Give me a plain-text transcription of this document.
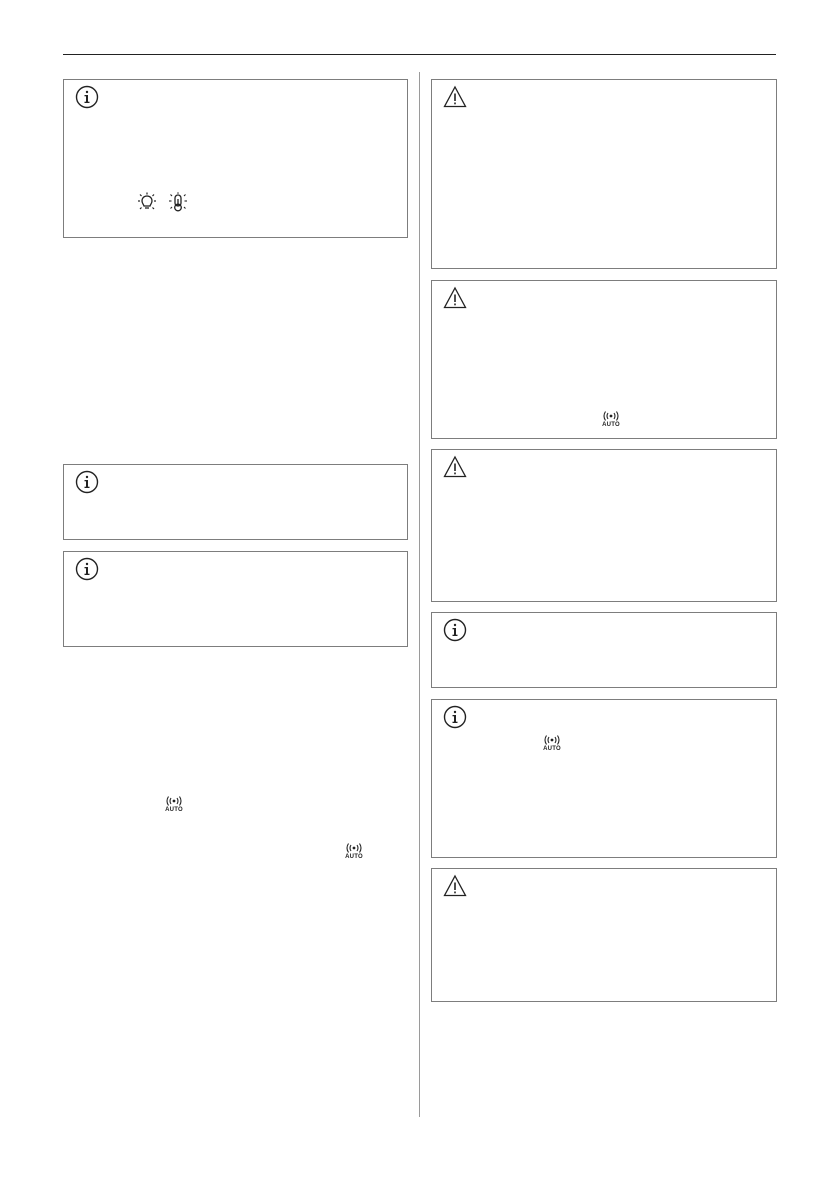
AUTO
AUTO
AUTO
AUTO
